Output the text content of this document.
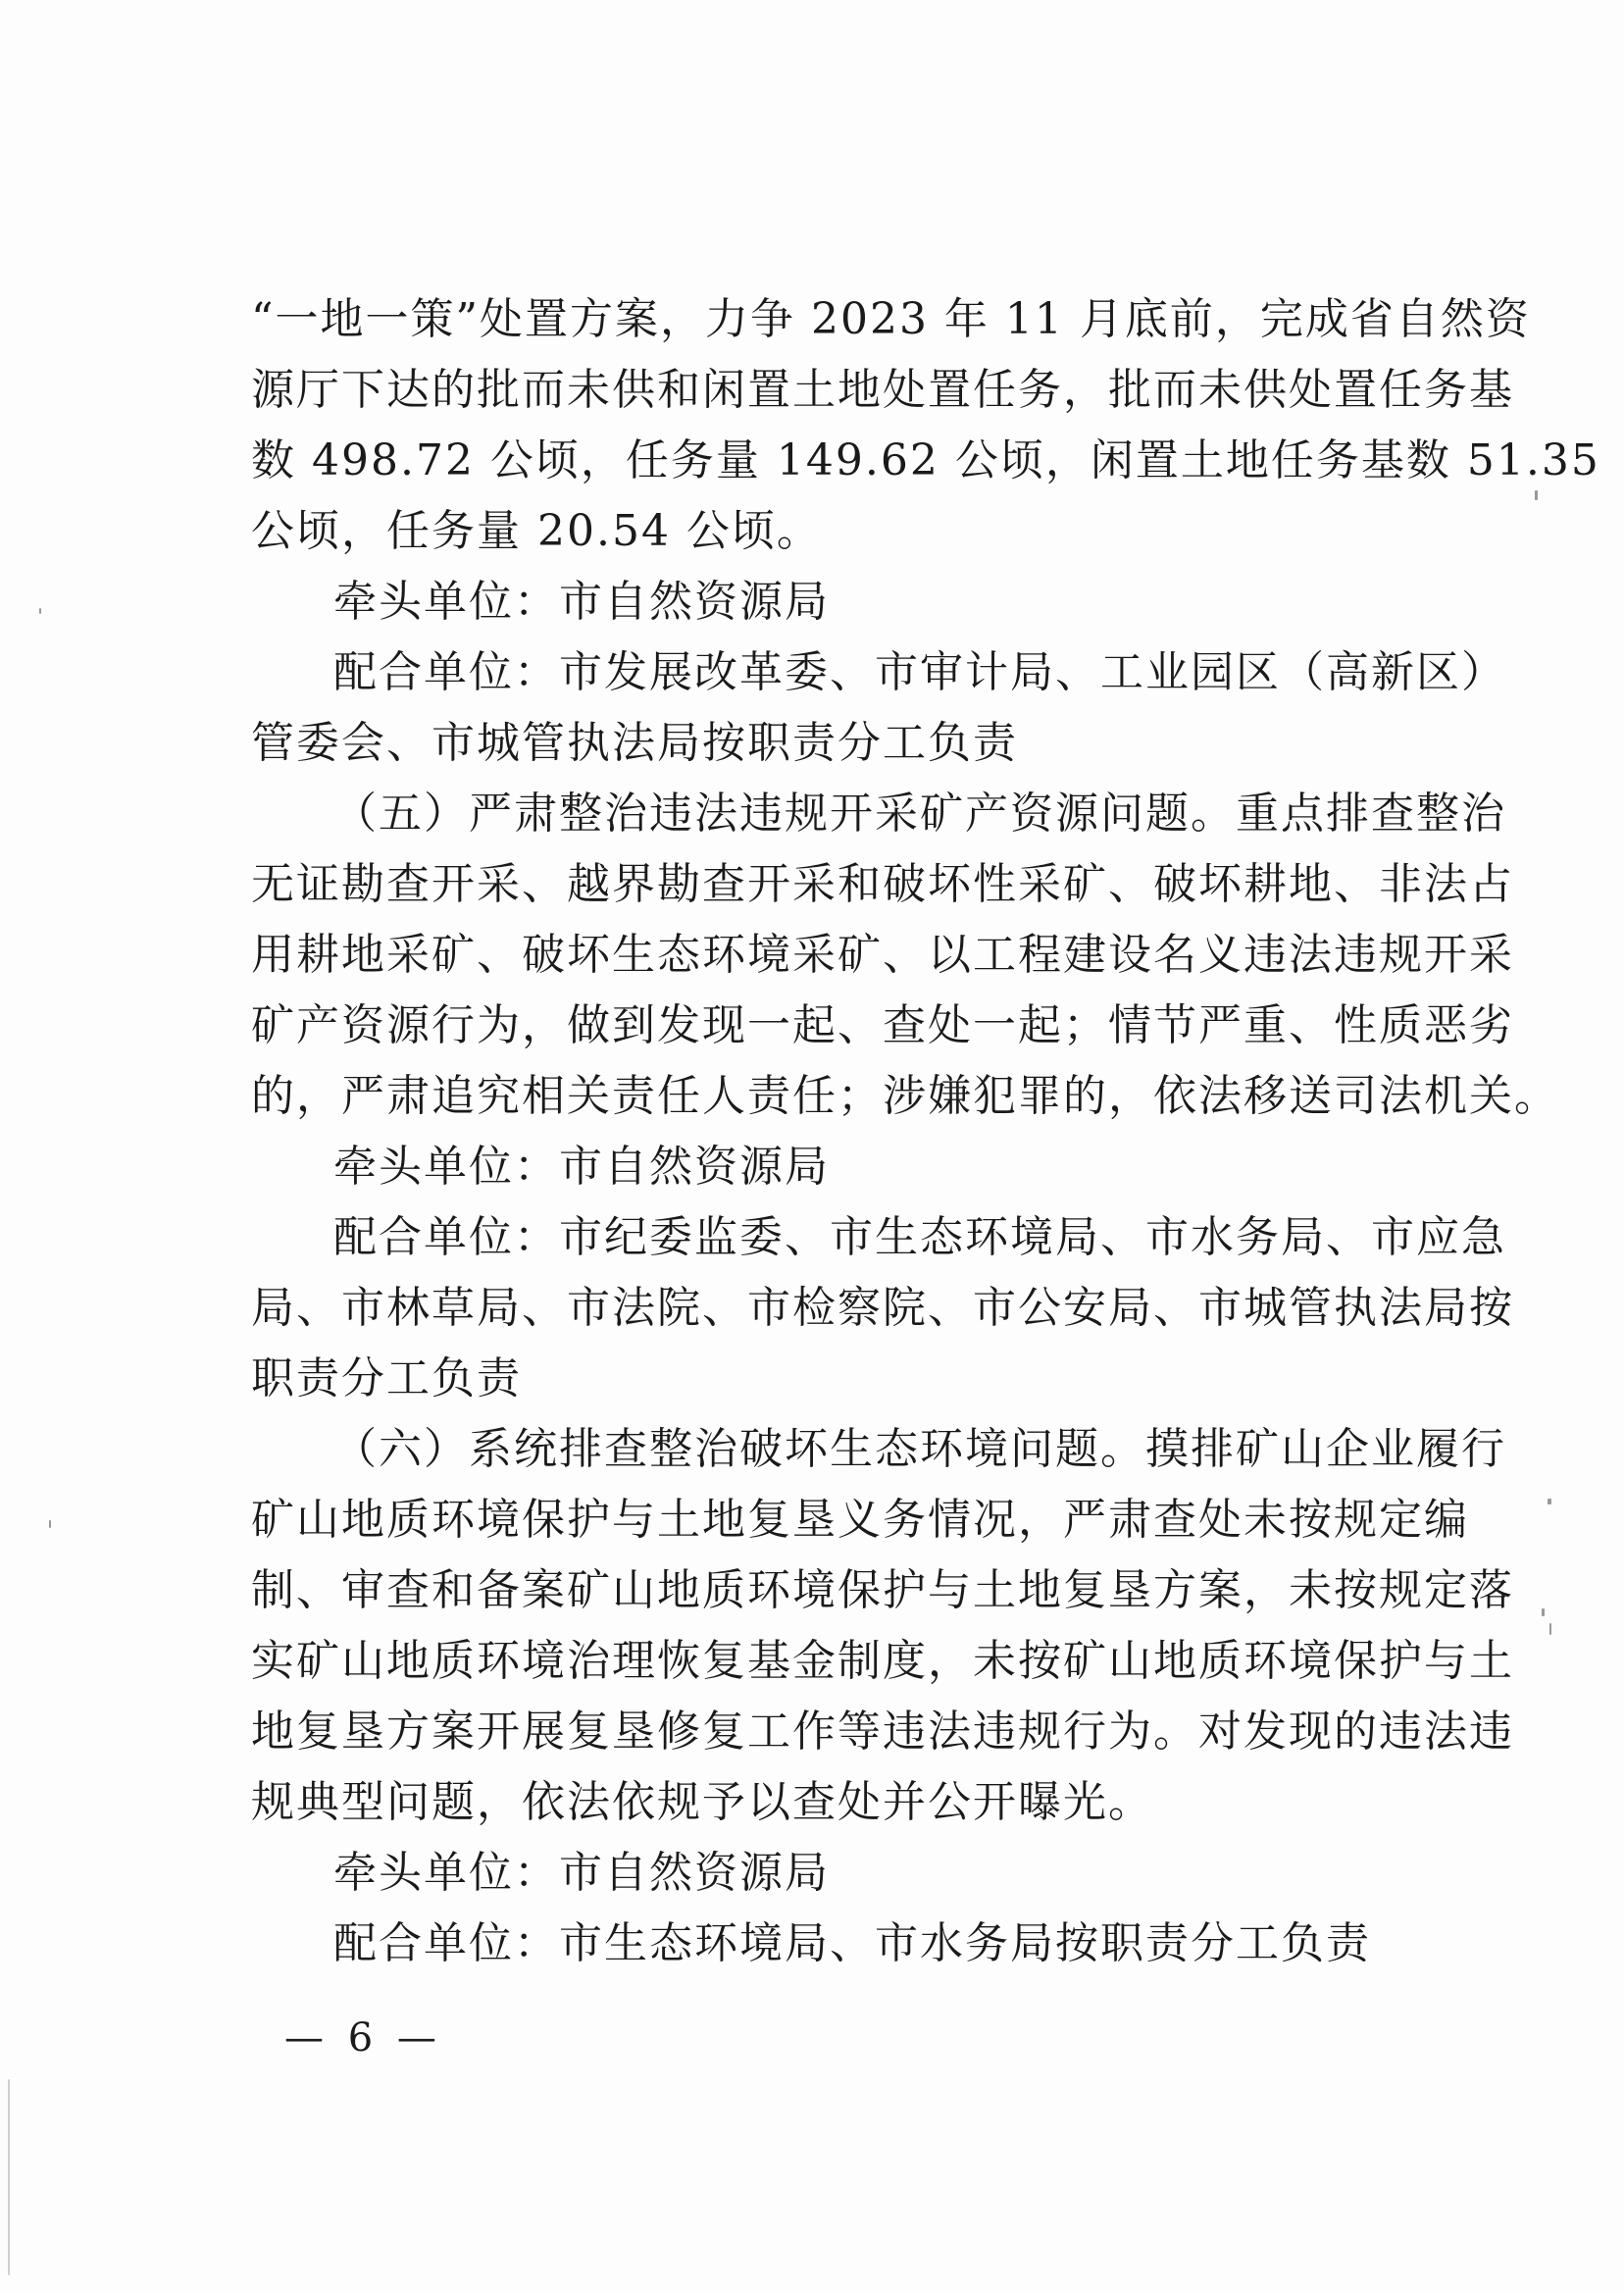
“一地一策”处置方案，力争 2023 年 11 月底前，完成省自然资
源厅下达的批而未供和闲置土地处置任务，批而未供处置任务基
数 498.72 公顷，任务量 149.62 公顷，闲置土地任务基数 51.35
公顷，任务量 20.54 公顷。
牵头单位：市自然资源局
配合单位：市发展改革委、市审计局、工业园区（高新区）
管委会、市城管执法局按职责分工负责
（五）严肃整治违法违规开采矿产资源问题。重点排查整治
无证勘查开采、越界勘查开采和破坏性采矿、破坏耕地、非法占
用耕地采矿、破坏生态环境采矿、以工程建设名义违法违规开采
矿产资源行为，做到发现一起、查处一起；情节严重、性质恶劣
的，严肃追究相关责任人责任；涉嫌犯罪的，依法移送司法机关。
牵头单位：市自然资源局
配合单位：市纪委监委、市生态环境局、市水务局、市应急
局、市林草局、市法院、市检察院、市公安局、市城管执法局按
职责分工负责
（六）系统排查整治破坏生态环境问题。摸排矿山企业履行
矿山地质环境保护与土地复垦义务情况，严肃查处未按规定编
制、审查和备案矿山地质环境保护与土地复垦方案，未按规定落
实矿山地质环境治理恢复基金制度，未按矿山地质环境保护与土
地复垦方案开展复垦修复工作等违法违规行为。对发现的违法违
规典型问题，依法依规予以查处并公开曝光。
牵头单位：市自然资源局
配合单位：市生态环境局、市水务局按职责分工负责
— 6 —
